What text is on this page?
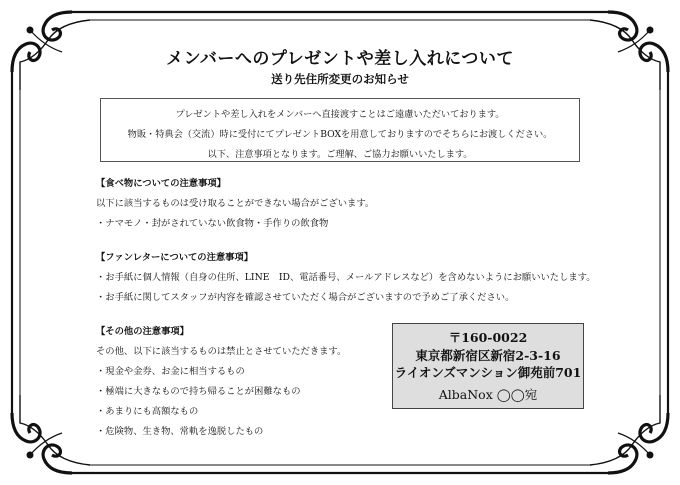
メンバーへのプレゼントや差し入れについて
送り先住所変更のお知らせ
プレゼントや差し入れをメンバーへ直接渡すことはご遠慮いただいております。
物販・特典会（交流）時に受付にてプレゼントBOXを用意しておりますのでそちらにお渡しください。
以下、注意事項となります。ご理解、ご協力お願いいたします。
【食べ物についての注意事項】
以下に該当するものは受け取ることができない場合がございます。
・ナマモノ・封がされていない飲食物・手作りの飲食物
【ファンレターについての注意事項】
・お手紙に個人情報（自身の住所、LINE　ID、電話番号、メールアドレスなど）を含めないようにお願いいたします。
・お手紙に関してスタッフが内容を確認させていただく場合がございますので予めご了承ください。
【その他の注意事項】
その他、以下に該当するものは禁止とさせていただきます。
・現金や金券、お金に相当するもの
・極端に大きなもので持ち帰ることが困難なもの
・あまりにも高額なもの
・危険物、生き物、常軌を逸脱したもの
〒160-0022
東京都新宿区新宿2-3-16
ライオンズマンション御苑前701
AlbaNox ◯◯宛
